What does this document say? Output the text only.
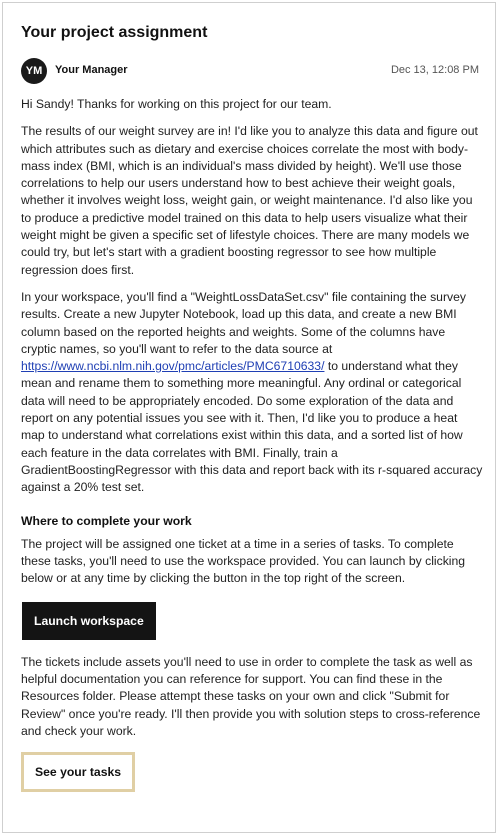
Your project assignment
YM	Your Manager	Dec 13, 12:08 PM

Hi Sandy! Thanks for working on this project for our team.

The results of our weight survey are in! I'd like you to analyze this data and figure out which attributes such as dietary and exercise choices correlate the most with body-mass index (BMI, which is an individual's mass divided by height). We'll use those correlations to help our users understand how to best achieve their weight goals, whether it involves weight loss, weight gain, or weight maintenance. I'd also like you to produce a predictive model trained on this data to help users visualize what their weight might be given a specific set of lifestyle choices. There are many models we could try, but let's start with a gradient boosting regressor to see how multiple regression does first.

In your workspace, you'll find a "WeightLossDataSet.csv" file containing the survey results. Create a new Jupyter Notebook, load up this data, and create a new BMI column based on the reported heights and weights. Some of the columns have cryptic names, so you'll want to refer to the data source at https://www.ncbi.nlm.nih.gov/pmc/articles/PMC6710633/ to understand what they mean and rename them to something more meaningful. Any ordinal or categorical data will need to be appropriately encoded. Do some exploration of the data and report on any potential issues you see with it. Then, I'd like you to produce a heat map to understand what correlations exist within this data, and a sorted list of how each feature in the data correlates with BMI. Finally, train a GradientBoostingRegressor with this data and report back with its r-squared accuracy against a 20% test set.

Where to complete your work

The project will be assigned one ticket at a time in a series of tasks. To complete these tasks, you'll need to use the workspace provided. You can launch by clicking below or at any time by clicking the button in the top right of the screen.

Launch workspace

The tickets include assets you'll need to use in order to complete the task as well as helpful documentation you can reference for support. You can find these in the Resources folder. Please attempt these tasks on your own and click "Submit for Review" once you're ready. I'll then provide you with solution steps to cross-reference and check your work.

See your tasks
